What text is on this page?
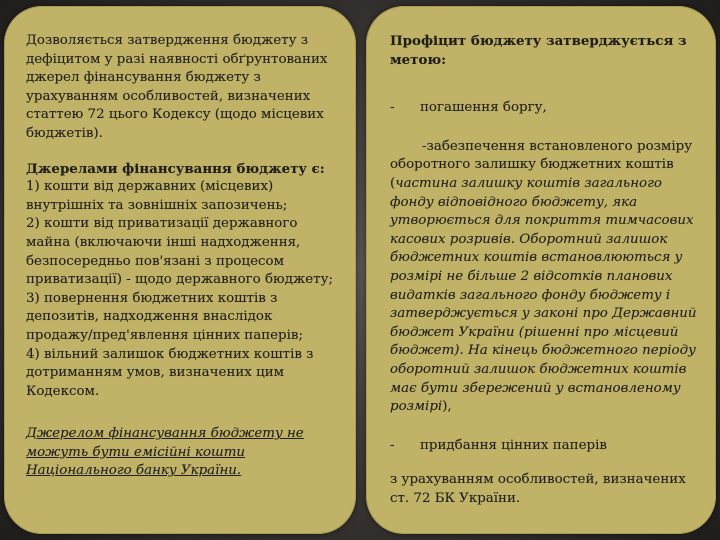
Дозволяється затвердження бюджету з дефіцитом у разі наявності обґрунтованих джерел фінансування бюджету з урахуванням особливостей, визначених статтею 72 цього Кодексу (щодо місцевих бюджетів).

Джерелами фінансування бюджету є:

1) кошти від державних (місцевих) внутрішніх та зовнішніх запозичень;

2) кошти від приватизації державного майна (включаючи інші надходження, безпосередньо пов'язані з процесом приватизації) - щодо державного бюджету;

3) повернення бюджетних коштів з депозитів, надходження внаслідок продажу/пред'явлення цінних паперів;

4) вільний залишок бюджетних коштів з дотриманням умов, визначених цим Кодексом.

Джерелом фінансування бюджету не можуть бути емісійні кошти Національного банку України.

Профіцит бюджету затверджується з метою:

-	погашення боргу,

-забезпечення встановленого розміру оборотного залишку бюджетних коштів (частина залишку коштів загального фонду відповідного бюджету, яка утворюється для покриття тимчасових касових розривів. Оборотний залишок бюджетних коштів встановлюються у розмірі не більше 2 відсотків планових видатків загального фонду бюджету і затверджується у законі про Державний бюджет України (рішенні про місцевий бюджет). На кінець бюджетного періоду оборотний залишок бюджетних коштів має бути збережений у встановленому розмірі),

-	придбання цінних паперів

з урахуванням особливостей, визначених ст. 72 БК України.
